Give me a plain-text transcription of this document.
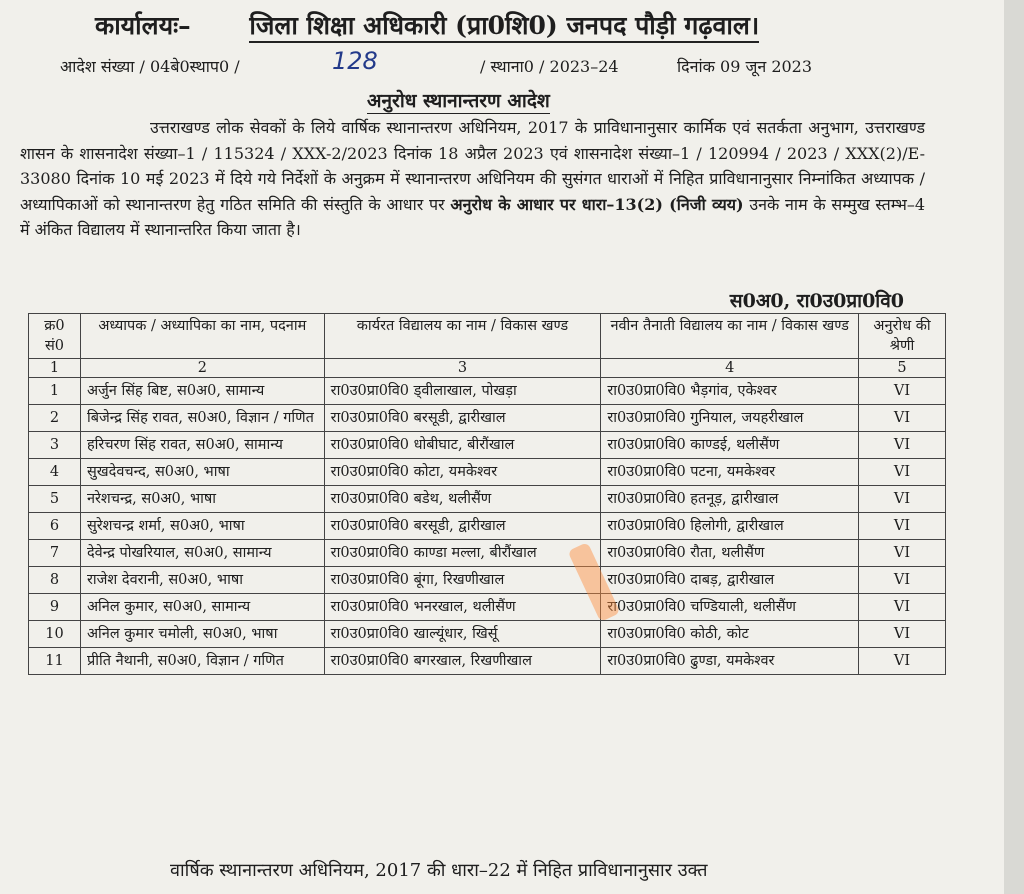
कार्यालयः– जिला शिक्षा अधिकारी (प्रा0शि0) जनपद पौड़ी गढ़वाल।
आदेश संख्या / 04बे0स्थाप0 /	128	/ स्थाना0 / 2023–24	दिनांक 09 जून 2023
अनुरोध स्थानान्तरण आदेश
उत्तराखण्ड लोक सेवकों के लिये वार्षिक स्थानान्तरण अधिनियम, 2017 के प्राविधानानुसार कार्मिक एवं सतर्कता अनुभाग, उत्तराखण्ड शासन के शासनादेश संख्या–1 / 115324 / XXX-2/2023 दिनांक 18 अप्रैल 2023 एवं शासनादेश संख्या–1 / 120994 / 2023 / XXX(2)/E-33080 दिनांक 10 मई 2023 में दिये गये निर्देशों के अनुक्रम में स्थानान्तरण अधिनियम की सुसंगत धाराओं में निहित प्राविधानानुसार निम्नांकित अध्यापक / अध्यापिकाओं को स्थानान्तरण हेतु गठित समिति की संस्तुति के आधार पर अनुरोध के आधार पर धारा–13(2) (निजी व्यय) उनके नाम के सम्मुख स्तम्भ–4 में अंकित विद्यालय में स्थानान्तरित किया जाता है।
स0अ0, रा0उ0प्रा0वि0
क्र0 सं0	अध्यापक / अध्यापिका का नाम, पदनाम	कार्यरत विद्यालय का नाम / विकास खण्ड	नवीन तैनाती विद्यालय का नाम / विकास खण्ड	अनुरोध की श्रेणी
1	2	3	4	5
1	अर्जुन सिंह बिष्ट, स0अ0, सामान्य	रा0उ0प्रा0वि0 ड्वीलाखाल, पोखड़ा	रा0उ0प्रा0वि0 भैड़गांव, एकेश्वर	VI
2	बिजेन्द्र सिंह रावत, स0अ0, विज्ञान / गणित	रा0उ0प्रा0वि0 बरसूडी, द्वारीखाल	रा0उ0प्रा0वि0 गुनियाल, जयहरीखाल	VI
3	हरिचरण सिंह रावत, स0अ0, सामान्य	रा0उ0प्रा0वि0 धोबीघाट, बीरौंखाल	रा0उ0प्रा0वि0 काण्डई, थलीसैंण	VI
4	सुखदेवचन्द, स0अ0, भाषा	रा0उ0प्रा0वि0 कोटा, यमकेश्वर	रा0उ0प्रा0वि0 पटना, यमकेश्वर	VI
5	नरेशचन्द्र, स0अ0, भाषा	रा0उ0प्रा0वि0 बडेथ, थलीसैंण	रा0उ0प्रा0वि0 हतनूड़, द्वारीखाल	VI
6	सुरेशचन्द्र शर्मा, स0अ0, भाषा	रा0उ0प्रा0वि0 बरसूडी, द्वारीखाल	रा0उ0प्रा0वि0 हिलोगी, द्वारीखाल	VI
7	देवेन्द्र पोखरियाल, स0अ0, सामान्य	रा0उ0प्रा0वि0 काण्डा मल्ला, बीरौंखाल	रा0उ0प्रा0वि0 रौता, थलीसैंण	VI
8	राजेश देवरानी, स0अ0, भाषा	रा0उ0प्रा0वि0 बूंगा, रिखणीखाल	रा0उ0प्रा0वि0 दाबड़, द्वारीखाल	VI
9	अनिल कुमार, स0अ0, सामान्य	रा0उ0प्रा0वि0 भनरखाल, थलीसैंण	रा0उ0प्रा0वि0 चण्डियाली, थलीसैंण	VI
10	अनिल कुमार चमोली, स0अ0, भाषा	रा0उ0प्रा0वि0 खाल्यूंधार, खिर्सू	रा0उ0प्रा0वि0 कोठी, कोट	VI
11	प्रीति नैथानी, स0अ0, विज्ञान / गणित	रा0उ0प्रा0वि0 बगरखाल, रिखणीखाल	रा0उ0प्रा0वि0 ढुण्डा, यमकेश्वर	VI
वार्षिक स्थानान्तरण अधिनियम, 2017 की धारा–22 में निहित प्राविधानानुसार उक्त
